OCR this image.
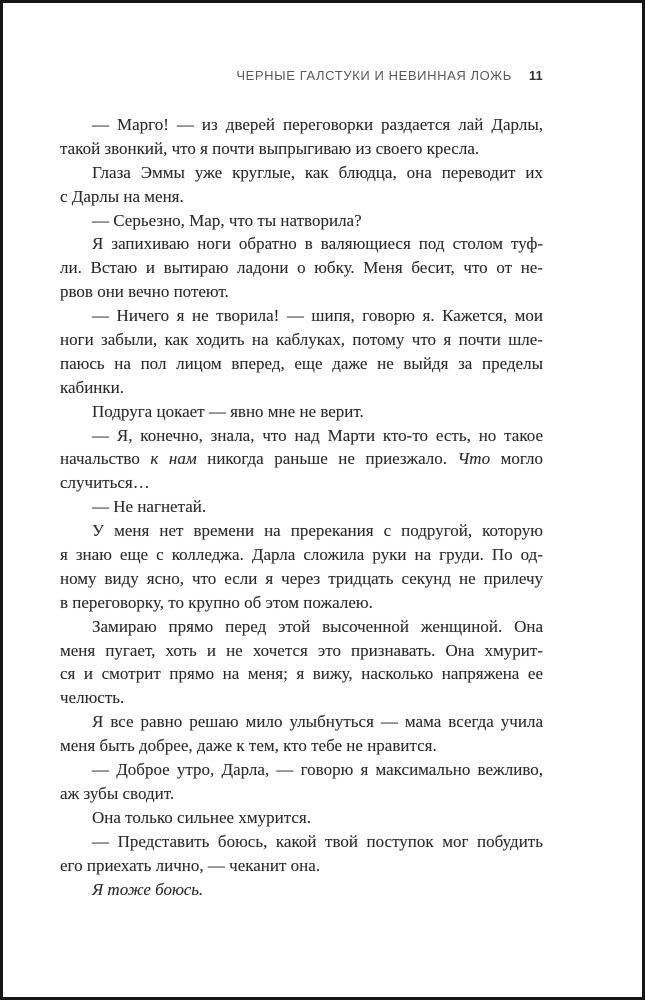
ЧЕРНЫЕ ГАЛСТУКИ И НЕВИННАЯ ЛОЖЬ 11
— Марго! — из дверей переговорки раздается лай Дарлы,
такой звонкий, что я почти выпрыгиваю из своего кресла.
Глаза Эммы уже круглые, как блюдца, она переводит их
с Дарлы на меня.
— Серьезно, Мар, что ты натворила?
Я запихиваю ноги обратно в валяющиеся под столом туф-
ли. Встаю и вытираю ладони о юбку. Меня бесит, что от не-
рвов они вечно потеют.
— Ничего я не творила! — шипя, говорю я. Кажется, мои
ноги забыли, как ходить на каблуках, потому что я почти шле-
паюсь на пол лицом вперед, еще даже не выйдя за пределы
кабинки.
Подруга цокает — явно мне не верит.
— Я, конечно, знала, что над Марти кто-то есть, но такое
начальство к нам никогда раньше не приезжало. Что могло
случиться…
— Не нагнетай.
У меня нет времени на пререкания с подругой, которую
я знаю еще с колледжа. Дарла сложила руки на груди. По од-
ному виду ясно, что если я через тридцать секунд не прилечу
в переговорку, то крупно об этом пожалею.
Замираю прямо перед этой высоченной женщиной. Она
меня пугает, хоть и не хочется это признавать. Она хмурит-
ся и смотрит прямо на меня; я вижу, насколько напряжена ее
челюсть.
Я все равно решаю мило улыбнуться — мама всегда учила
меня быть добрее, даже к тем, кто тебе не нравится.
— Доброе утро, Дарла, — говорю я максимально вежливо,
аж зубы сводит.
Она только сильнее хмурится.
— Представить боюсь, какой твой поступок мог побудить
его приехать лично, — чеканит она.
Я тоже боюсь.
